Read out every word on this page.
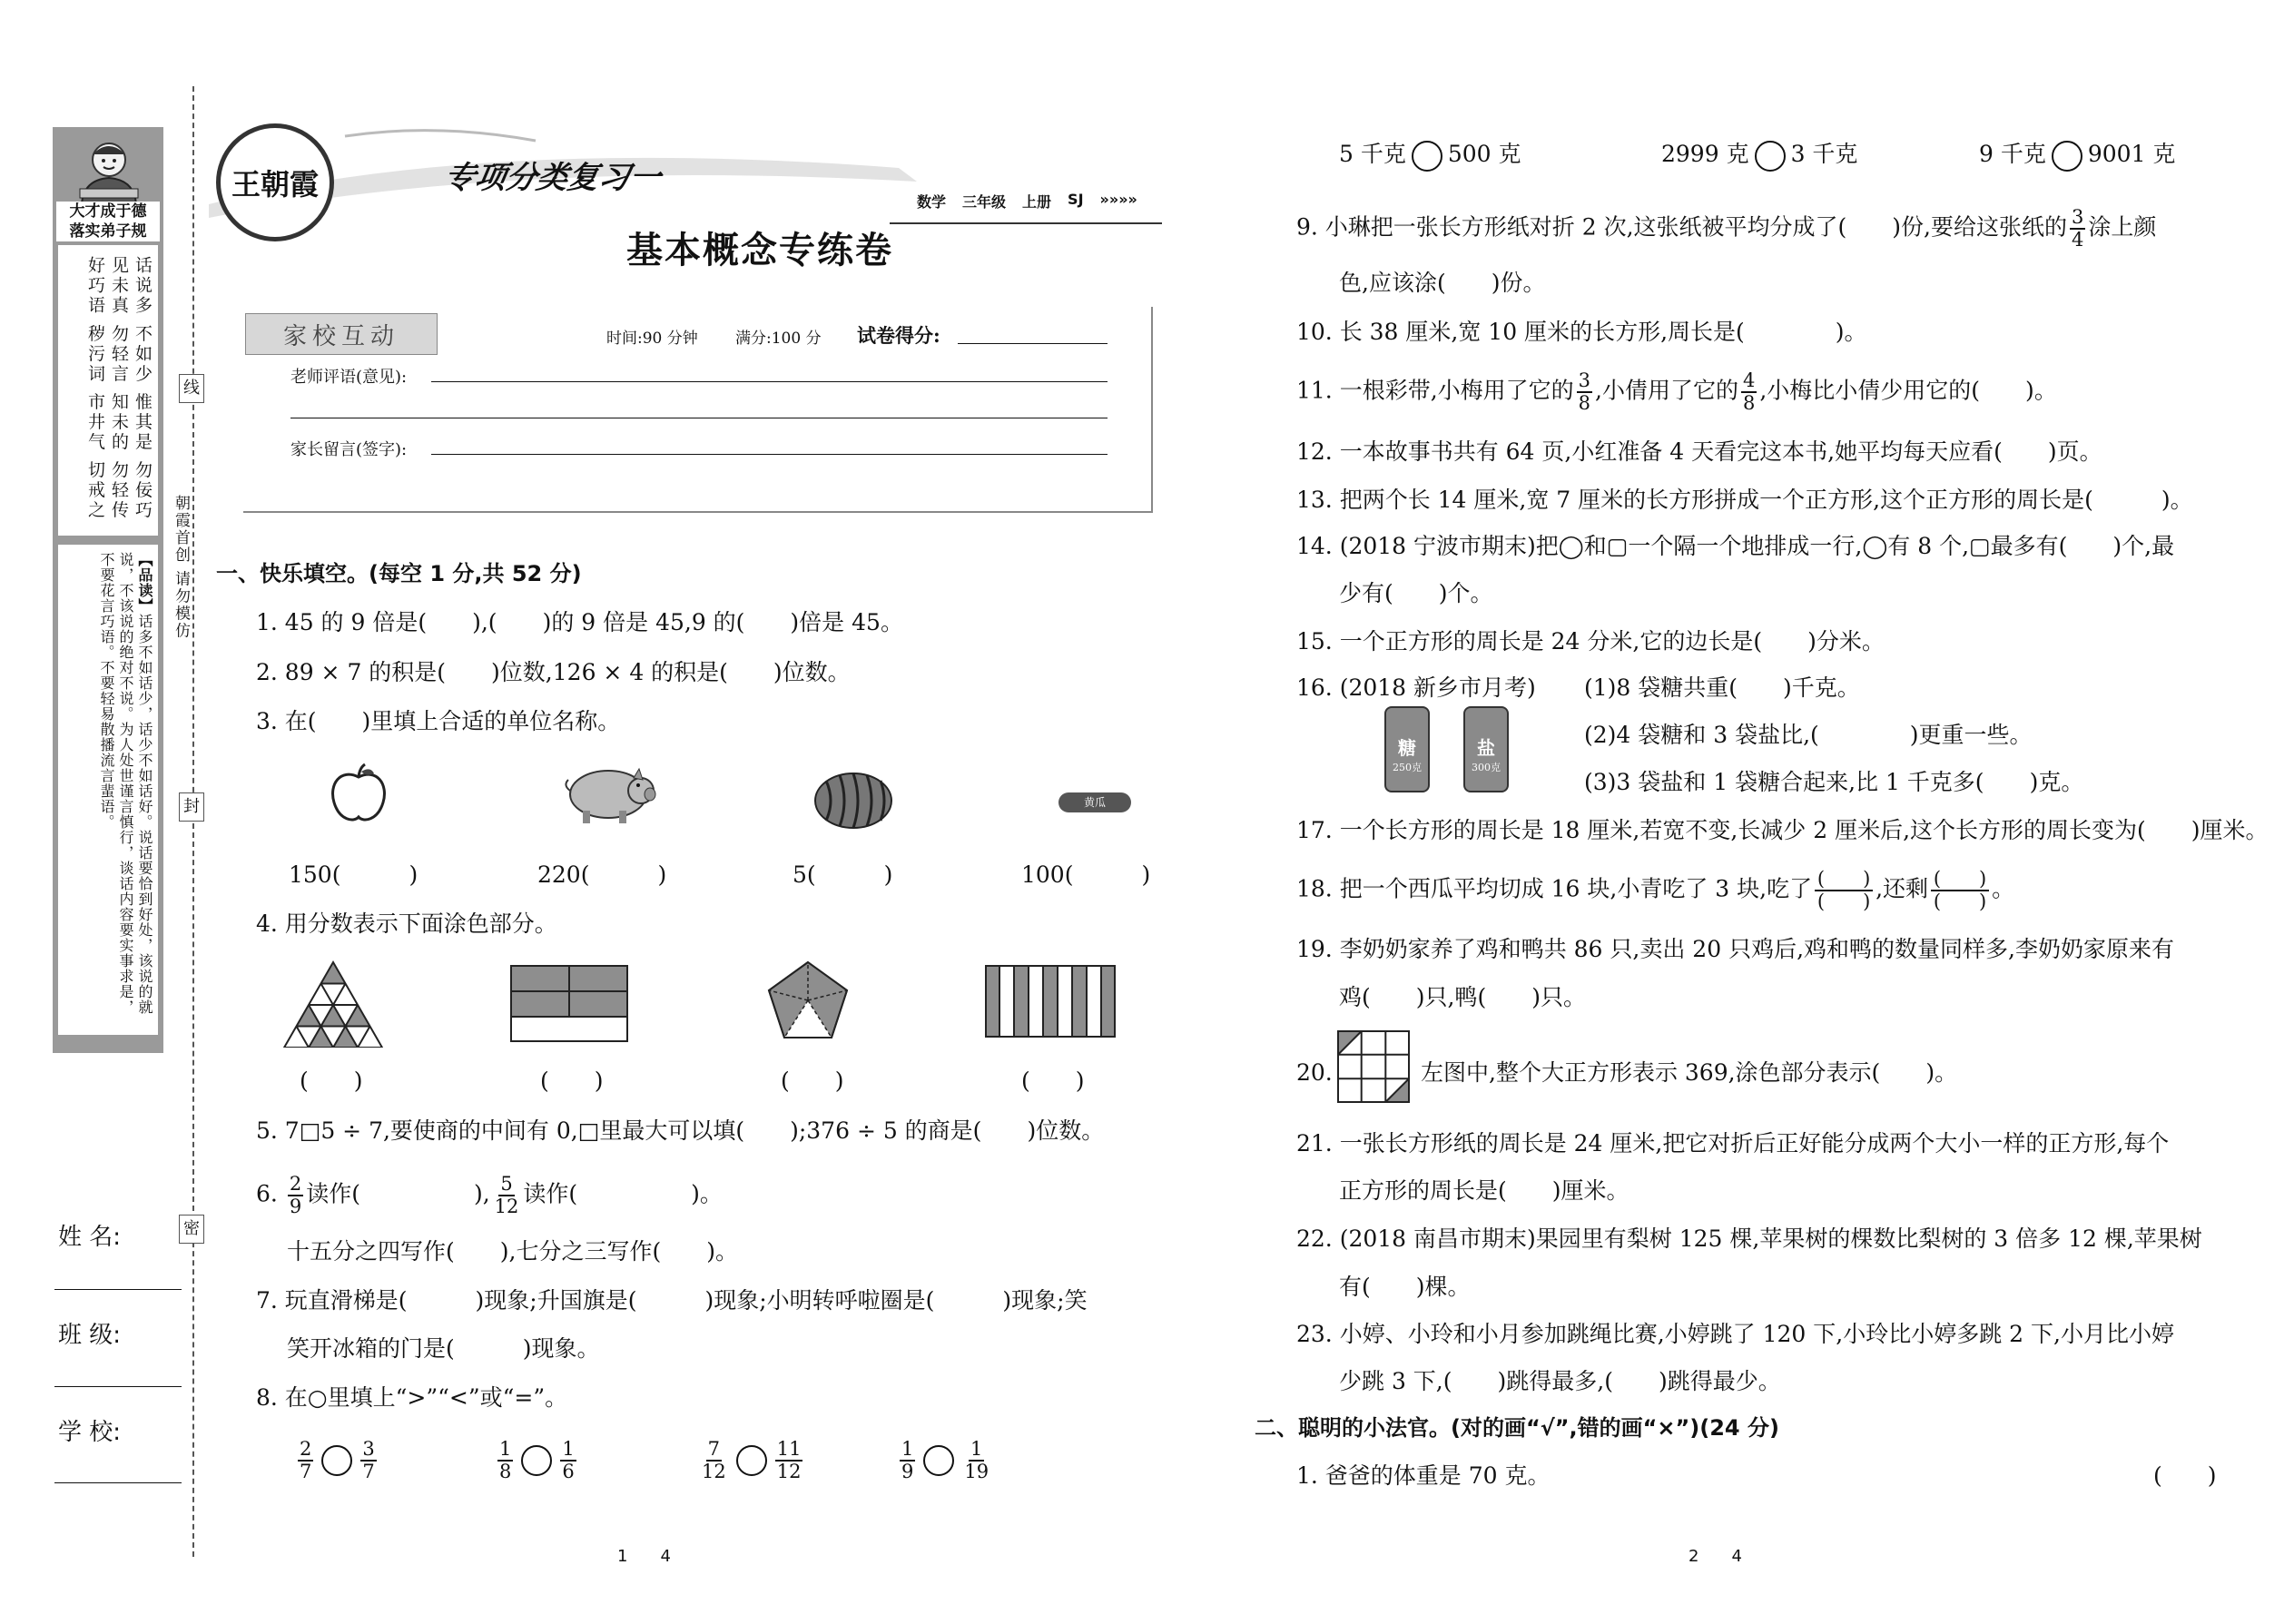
大才成于德
落实弟子规
话说多 不如少 惟其是 勿佞巧 见未真 勿轻言 知未的 勿轻传 好巧语 秽污词 市井气 切戒之
【品读】话多不如话少，话少不如话好。说话要恰到好处，该说的就说，不该说的绝对不说。为人处世谨言慎行，谈话内容要实事求是，不要花言巧语。不要轻易散播流言蜚语。
线
封
密
朝霞首创 请勿模仿
姓 名:
班 级:
学 校:
王朝霞	专项分类复习一
数学 三年级 上册 SJ »»»»
基本概念专练卷
家校互动	时间:90 分钟 满分:100 分 试卷得分:
老师评语(意见):
家长留言(签字):
一、快乐填空。(每空 1 分,共 52 分)
1. 45 的 9 倍是(　　),(　　)的 9 倍是 45,9 的(　　)倍是 45。
2. 89 × 7 的积是(　　)位数,126 × 4 的积是(　　)位数。
3. 在(　　)里填上合适的单位名称。
黄瓜
150(　　　)	220(　　　)	5(　　　)	100(　　　)
4. 用分数表示下面涂色部分。
(　　)	(　　)	(　　)	(　　)
5. 7□5 ÷ 7,要使商的中间有 0,□里最大可以填(　　);376 ÷ 5 的商是(　　)位数。
6. $\frac{2}{9}$ 读作(　　　　　), $\frac{5}{12}$ 读作(　　　　　)。
十五分之四写作(　　),七分之三写作(　　)。
7. 玩直滑梯是(　　　)现象;升国旗是(　　　)现象;小明转呼啦圈是(　　　)现象;笑
笑开冰箱的门是(　　　)现象。
8. 在○里填上“>”“<”或“=”。
$\frac{2}{7} \frac{3}{7}$	$\frac{1}{8} \frac{1}{6}$	$\frac{7}{12} \frac{11}{12}$	$\frac{1}{9} \frac{1}{19}$
1　　4
5 千克 500 克	2999 克 3 千克	9 千克 9001 克
9. 小琳把一张长方形纸对折 2 次,这张纸被平均分成了(　　)份,要给这张纸的 $\frac{3}{4}$ 涂上颜
色,应该涂(　　)份。
10. 长 38 厘米,宽 10 厘米的长方形,周长是(　　　　)。
11. 一根彩带,小梅用了它的 $\frac{3}{8}$ ,小倩用了它的 $\frac{4}{8}$ ,小梅比小倩少用它的(　　)。
12. 一本故事书共有 64 页,小红准备 4 天看完这本书,她平均每天应看(　　)页。
13. 把两个长 14 厘米,宽 7 厘米的长方形拼成一个正方形,这个正方形的周长是(　　　)。
14. (2018 宁波市期末)把◯和▢一个隔一个地排成一行,◯有 8 个,▢最多有(　　)个,最
少有(　　)个。
15. 一个正方形的周长是 24 分米,它的边长是(　　)分米。
16. (2018 新乡市月考) (1)8 袋糖共重(　　)千克。
(2)4 袋糖和 3 袋盐比,(　　　　)更重一些。
(3)3 袋盐和 1 袋糖合起来,比 1 千克多(　　)克。
糖
250克
盐
300克
17. 一个长方形的周长是 18 厘米,若宽不变,长减少 2 厘米后,这个长方形的周长变为(　　)厘米。
18. 把一个西瓜平均切成 16 块,小青吃了 3 块,吃了 (　　)
(　　) ,还剩 (　　)
(　　) 。
19. 李奶奶家养了鸡和鸭共 86 只,卖出 20 只鸡后,鸡和鸭的数量同样多,李奶奶家原来有
鸡(　　)只,鸭(　　)只。
20.	左图中,整个大正方形表示 369,涂色部分表示(　　)。
21. 一张长方形纸的周长是 24 厘米,把它对折后正好能分成两个大小一样的正方形,每个
正方形的周长是(　　)厘米。
22. (2018 南昌市期末)果园里有梨树 125 棵,苹果树的棵数比梨树的 3 倍多 12 棵,苹果树
有(　　)棵。
23. 小婷、小玲和小月参加跳绳比赛,小婷跳了 120 下,小玲比小婷多跳 2 下,小月比小婷
少跳 3 下,(　　)跳得最多,(　　)跳得最少。
二、聪明的小法官。(对的画“√”,错的画“×”)(24 分)
1. 爸爸的体重是 70 克。	(　　)
2　　4
